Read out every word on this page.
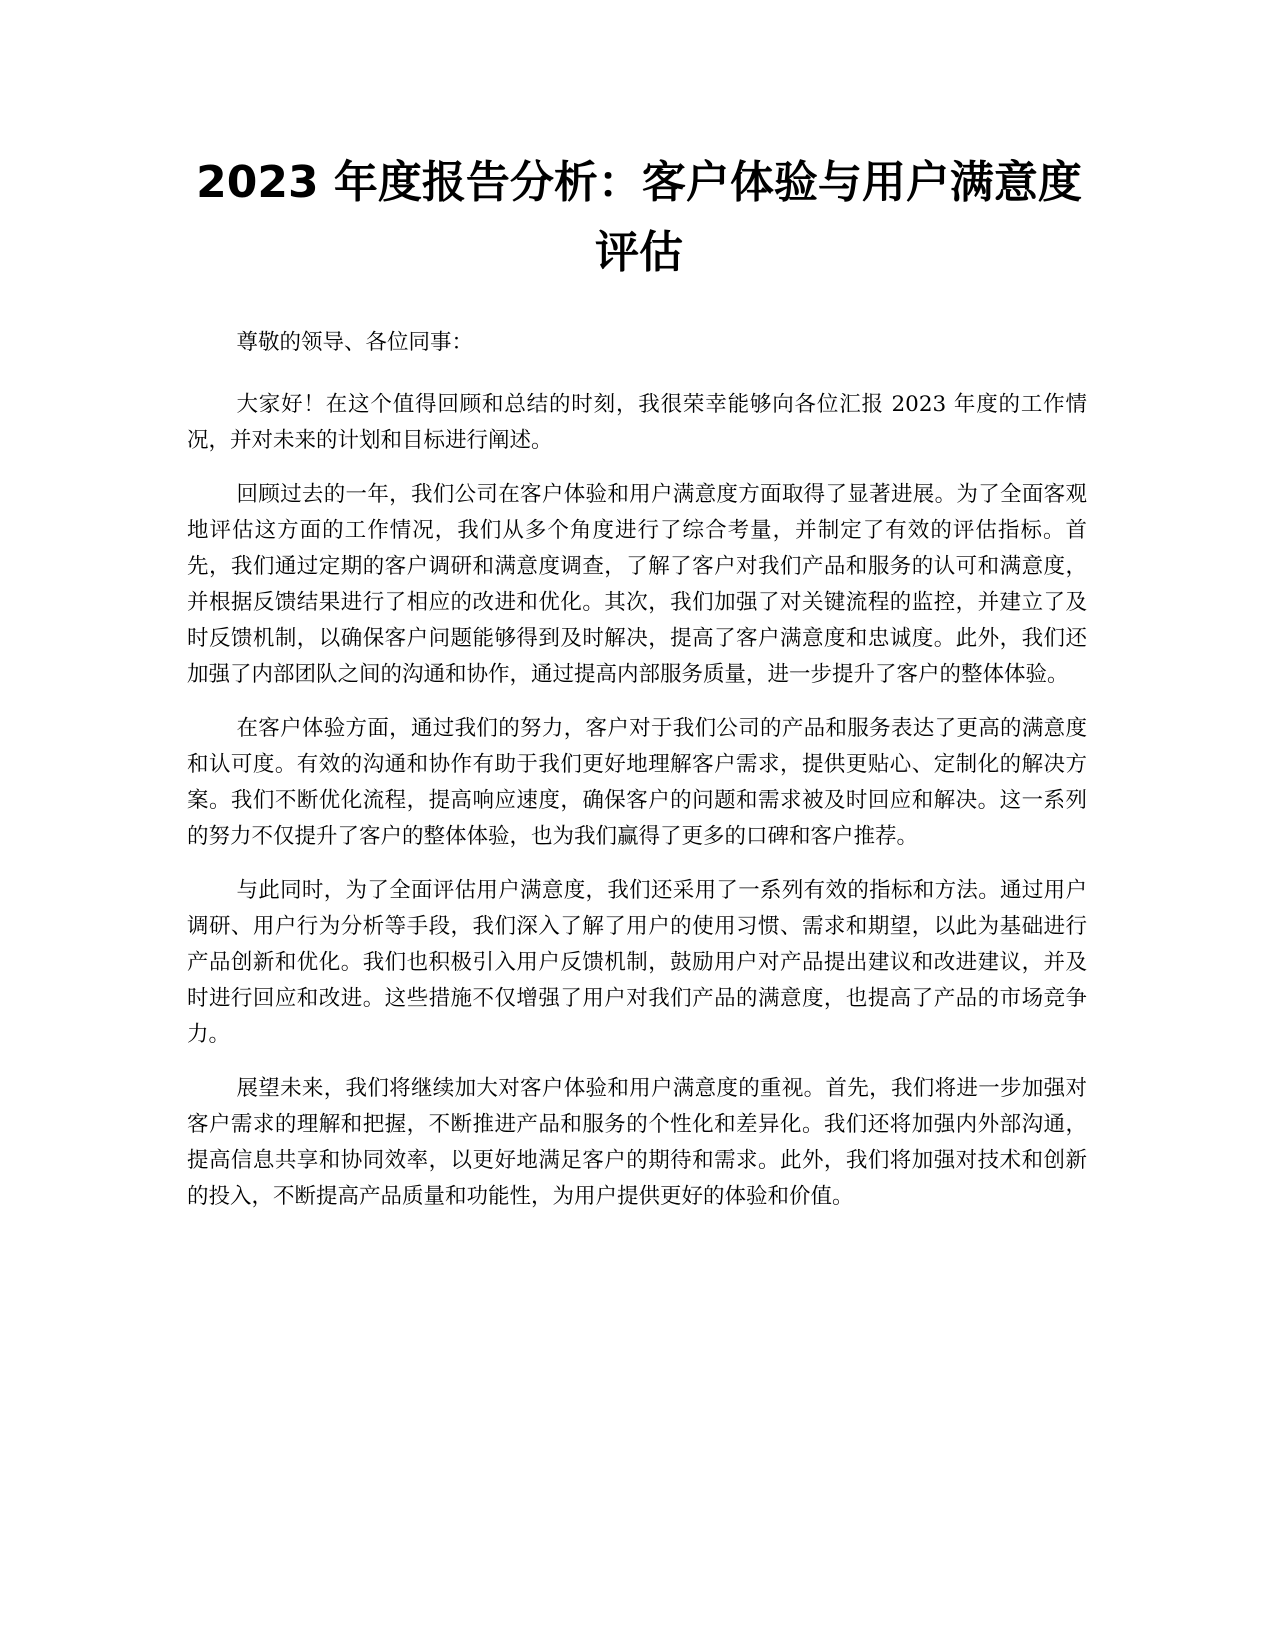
2023 年度报告分析：客户体验与用户满意度评估

尊敬的领导、各位同事：

大家好！在这个值得回顾和总结的时刻，我很荣幸能够向各位汇报 2023 年度的工作情况，并对未来的计划和目标进行阐述。

回顾过去的一年，我们公司在客户体验和用户满意度方面取得了显著进展。为了全面客观地评估这方面的工作情况，我们从多个角度进行了综合考量，并制定了有效的评估指标。首先，我们通过定期的客户调研和满意度调查，了解了客户对我们产品和服务的认可和满意度，并根据反馈结果进行了相应的改进和优化。其次，我们加强了对关键流程的监控，并建立了及时反馈机制，以确保客户问题能够得到及时解决，提高了客户满意度和忠诚度。此外，我们还加强了内部团队之间的沟通和协作，通过提高内部服务质量，进一步提升了客户的整体体验。

在客户体验方面，通过我们的努力，客户对于我们公司的产品和服务表达了更高的满意度和认可度。有效的沟通和协作有助于我们更好地理解客户需求，提供更贴心、定制化的解决方案。我们不断优化流程，提高响应速度，确保客户的问题和需求被及时回应和解决。这一系列的努力不仅提升了客户的整体体验，也为我们赢得了更多的口碑和客户推荐。

与此同时，为了全面评估用户满意度，我们还采用了一系列有效的指标和方法。通过用户调研、用户行为分析等手段，我们深入了解了用户的使用习惯、需求和期望，以此为基础进行产品创新和优化。我们也积极引入用户反馈机制，鼓励用户对产品提出建议和改进建议，并及时进行回应和改进。这些措施不仅增强了用户对我们产品的满意度，也提高了产品的市场竞争力。

展望未来，我们将继续加大对客户体验和用户满意度的重视。首先，我们将进一步加强对客户需求的理解和把握，不断推进产品和服务的个性化和差异化。我们还将加强内外部沟通，提高信息共享和协同效率，以更好地满足客户的期待和需求。此外，我们将加强对技术和创新的投入，不断提高产品质量和功能性，为用户提供更好的体验和价值。
